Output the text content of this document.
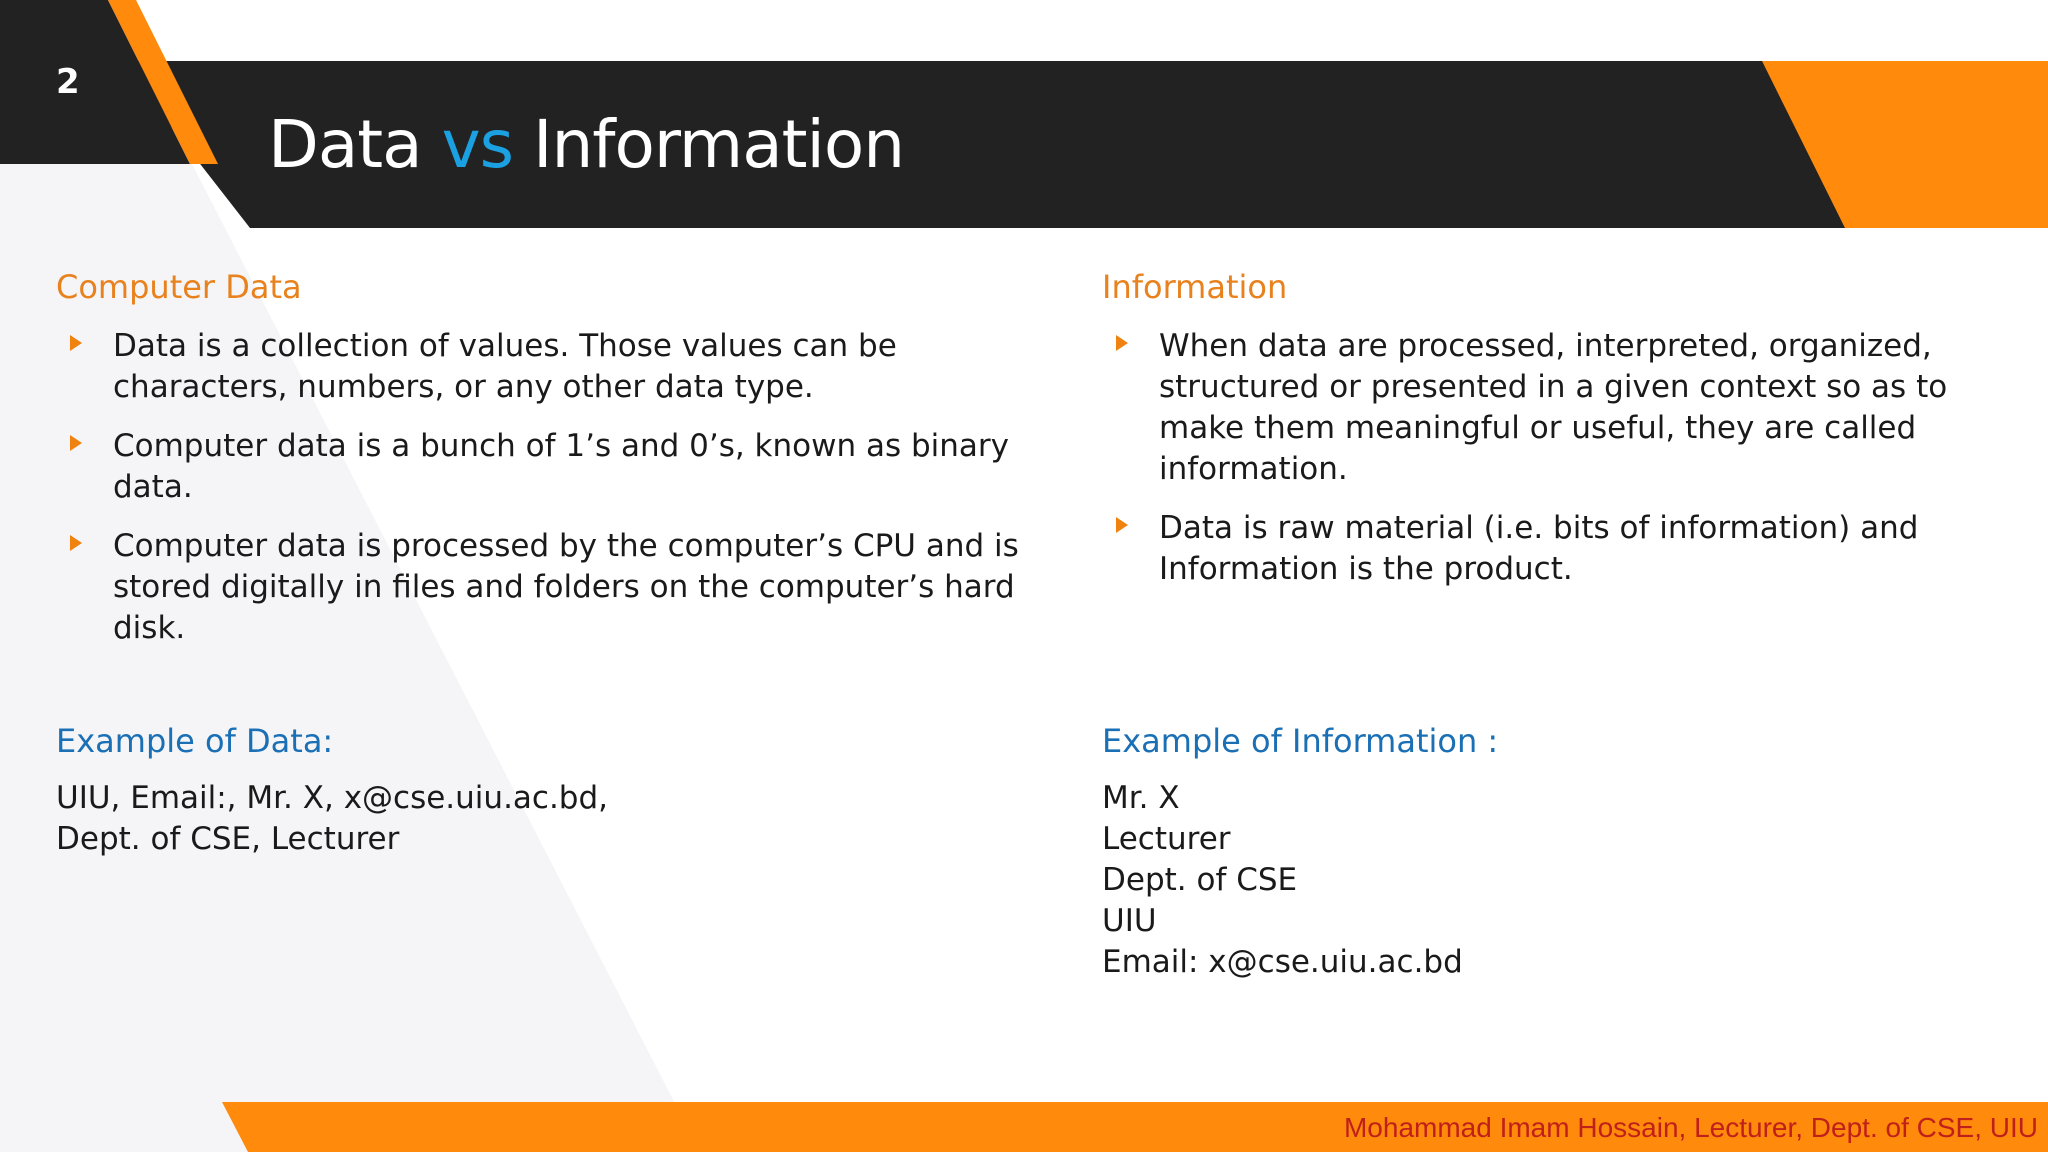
2
Data vs Information
Computer Data
Data is a collection of values. Those values can be characters, numbers, or any other data type.
Computer data is a bunch of 1’s and 0’s, known as binary data.
Computer data is processed by the computer’s CPU and is stored digitally in files and folders on the computer’s hard disk.
Information
When data are processed, interpreted, organized, structured or presented in a given context so as to make them meaningful or useful, they are called information.
Data is raw material (i.e. bits of information) and Information is the product.
Example of Data:
UIU, Email:, Mr. X, x@cse.uiu.ac.bd,
Dept. of CSE, Lecturer
Example of Information :
Mr. X
Lecturer
Dept. of CSE
UIU
Email: x@cse.uiu.ac.bd
Mohammad Imam Hossain, Lecturer, Dept. of CSE, UIU
